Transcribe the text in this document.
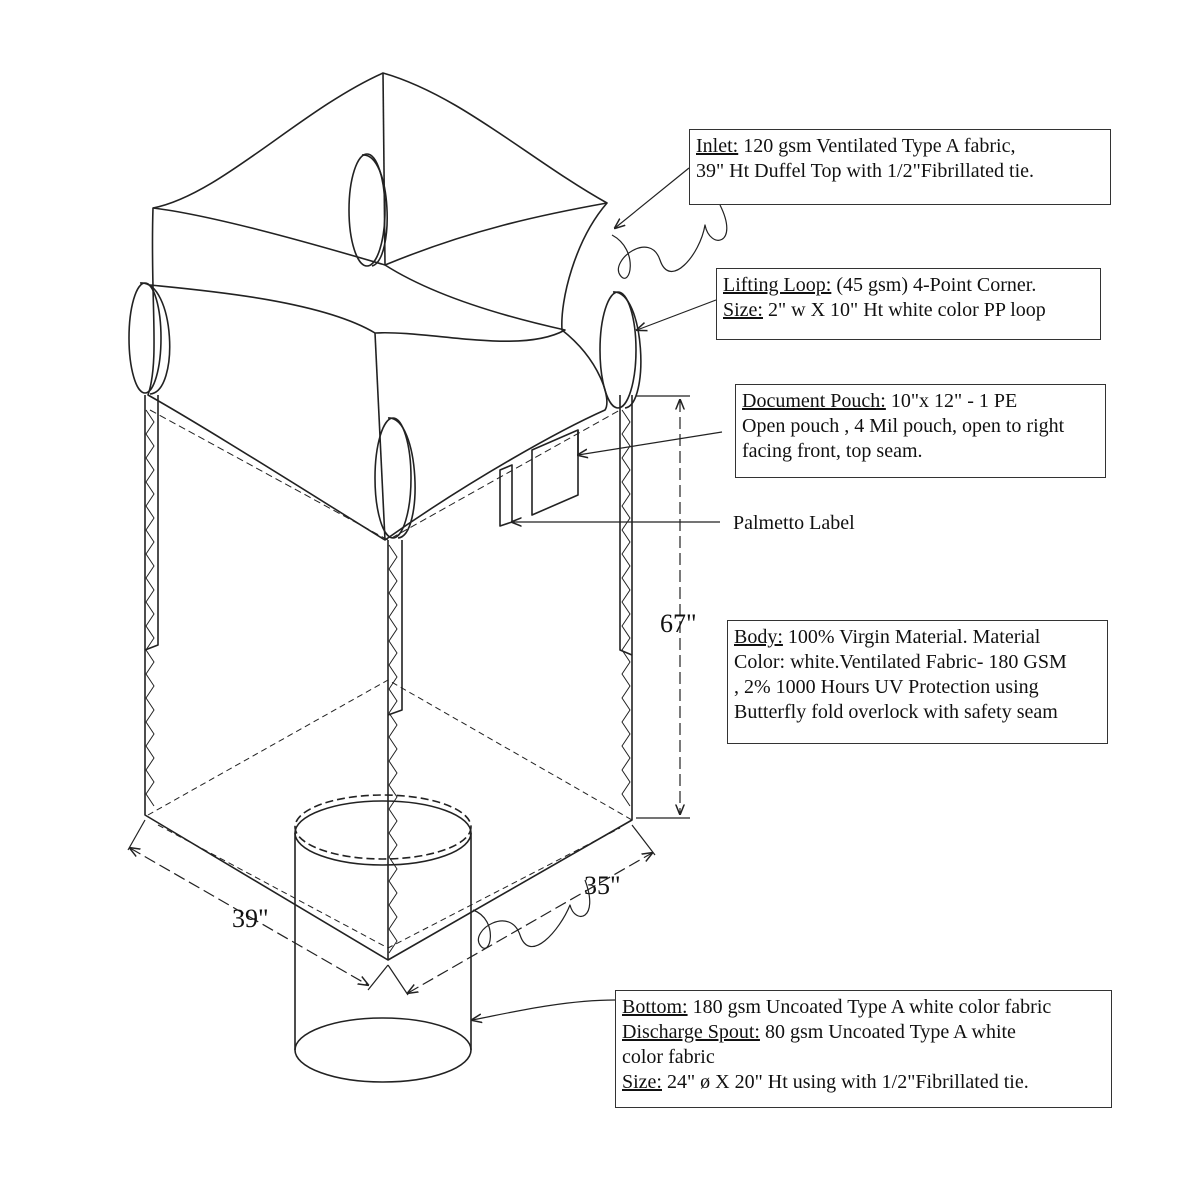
Inlet: 120 gsm Ventilated Type A fabric,
39" Ht Duffel Top with 1/2"Fibrillated tie.
Lifting Loop: (45 gsm) 4-Point Corner.
Size: 2" w X 10" Ht white color PP loop
Document Pouch: 10"x 12" - 1 PE
Open pouch , 4 Mil pouch, open to right
facing front, top seam.
Body: 100% Virgin Material. Material
Color: white.Ventilated Fabric- 180 GSM
, 2% 1000 Hours UV Protection using
Butterfly fold overlock with safety seam
Bottom: 180 gsm Uncoated Type A white color fabric
Discharge Spout: 80 gsm Uncoated Type A white
color fabric
Size: 24" ø X 20" Ht using with 1/2"Fibrillated tie.
Palmetto Label
67"
39"
35"
